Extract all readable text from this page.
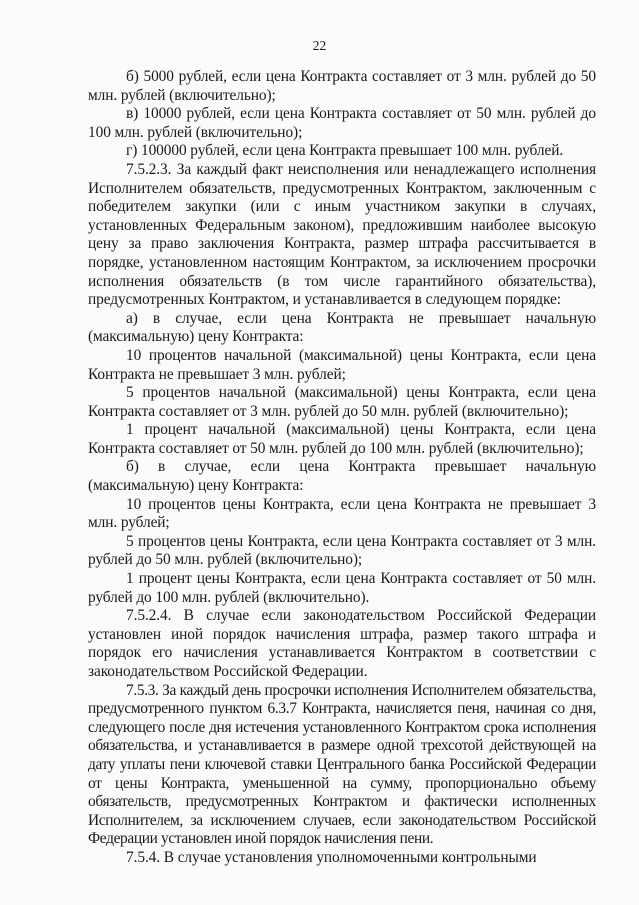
22

б) 5000 рублей, если цена Контракта составляет от 3 млн. рублей до 50 млн. рублей (включительно);

в) 10000 рублей, если цена Контракта составляет от 50 млн. рублей до 100 млн. рублей (включительно);

г) 100000 рублей, если цена Контракта превышает 100 млн. рублей.

7.5.2.3. За каждый факт неисполнения или ненадлежащего исполнения Исполнителем обязательств, предусмотренных Контрактом, заключенным с победителем закупки (или с иным участником закупки в случаях, установленных Федеральным законом), предложившим наиболее высокую цену за право заключения Контракта, размер штрафа рассчитывается в порядке, установленном настоящим Контрактом, за исключением просрочки исполнения обязательств (в том числе гарантийного обязательства), предусмотренных Контрактом, и устанавливается в следующем порядке:

а) в случае, если цена Контракта не превышает начальную (максимальную) цену Контракта:

10 процентов начальной (максимальной) цены Контракта, если цена Контракта не превышает 3 млн. рублей;

5 процентов начальной (максимальной) цены Контракта, если цена Контракта составляет от 3 млн. рублей до 50 млн. рублей (включительно);

1 процент начальной (максимальной) цены Контракта, если цена Контракта составляет от 50 млн. рублей до 100 млн. рублей (включительно);

б) в случае, если цена Контракта превышает начальную (максимальную) цену Контракта:

10 процентов цены Контракта, если цена Контракта не превышает 3 млн. рублей;

5 процентов цены Контракта, если цена Контракта составляет от 3 млн. рублей до 50 млн. рублей (включительно);

1 процент цены Контракта, если цена Контракта составляет от 50 млн. рублей до 100 млн. рублей (включительно).

7.5.2.4. В случае если законодательством Российской Федерации установлен иной порядок начисления штрафа, размер такого штрафа и порядок его начисления устанавливается Контрактом в соответствии с законодательством Российской Федерации.

7.5.3. За каждый день просрочки исполнения Исполнителем обязательства, предусмотренного пунктом 6.3.7 Контракта, начисляется пеня, начиная со дня, следующего после дня истечения установленного Контрактом срока исполнения обязательства, и устанавливается в размере одной трехсотой действующей на дату уплаты пени ключевой ставки Центрального банка Российской Федерации от цены Контракта, уменьшенной на сумму, пропорционально объему обязательств, предусмотренных Контрактом и фактически исполненных Исполнителем, за исключением случаев, если законодательством Российской Федерации установлен иной порядок начисления пени.

7.5.4. В случае установления уполномоченными контрольными
